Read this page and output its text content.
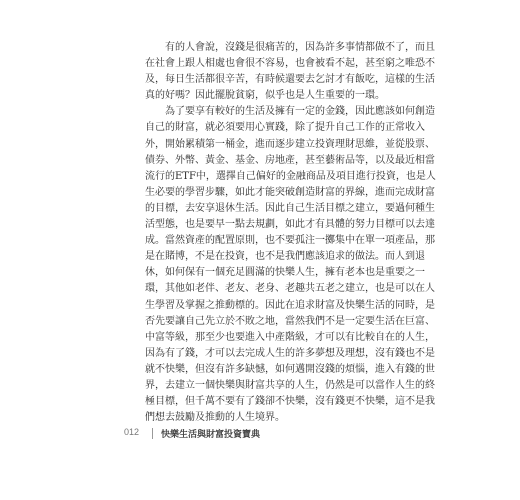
有的人會說，沒錢是很痛苦的，因為許多事情都做不了，而且
在社會上跟人相處也會很不容易，也會被看不起，甚至窮之唯恐不
及，每日生活都很辛苦，有時候還要去乞討才有飯吃，這樣的生活
真的好嗎？因此擺脫貧窮，似乎也是人生重要的一環。
為了要享有較好的生活及擁有一定的金錢，因此應該如何創造
自己的財富，就必須要用心實踐，除了提升自己工作的正常收入
外，開始累積第一桶金，進而逐步建立投資理財思維，並從股票、
債券、外幣、黃金、基金、房地產，甚至藝術品等，以及最近相當
流行的ETF中，選擇自己偏好的金融商品及項目進行投資，也是人
生必要的學習步驟，如此才能突破創造財富的界線，進而完成財富
的目標，去安享退休生活。因此自己生活目標之建立，要過何種生
活型態，也是要早一點去規劃，如此才有具體的努力目標可以去達
成。當然資產的配置原則，也不要孤注一擲集中在單一項產品，那
是在賭博，不是在投資，也不是我們應該追求的做法。而人到退
休，如何保有一個充足圓滿的快樂人生，擁有老本也是重要之一
環，其他如老伴、老友、老身、老趣共五老之建立，也是可以在人
生學習及掌握之推動標的。因此在追求財富及快樂生活的同時，是
否先要讓自己先立於不敗之地，當然我們不是一定要生活在巨富、
中富等級，那至少也要進入中產階級，才可以有比較自在的人生，
因為有了錢，才可以去完成人生的許多夢想及理想，沒有錢也不是
就不快樂，但沒有許多缺憾，如何邁開沒錢的煩惱，進入有錢的世
界，去建立一個快樂與財富共享的人生，仍然是可以當作人生的終
極目標，但千萬不要有了錢卻不快樂，沒有錢更不快樂，這不是我
們想去鼓勵及推動的人生境界。
012 快樂生活與財富投資寶典
